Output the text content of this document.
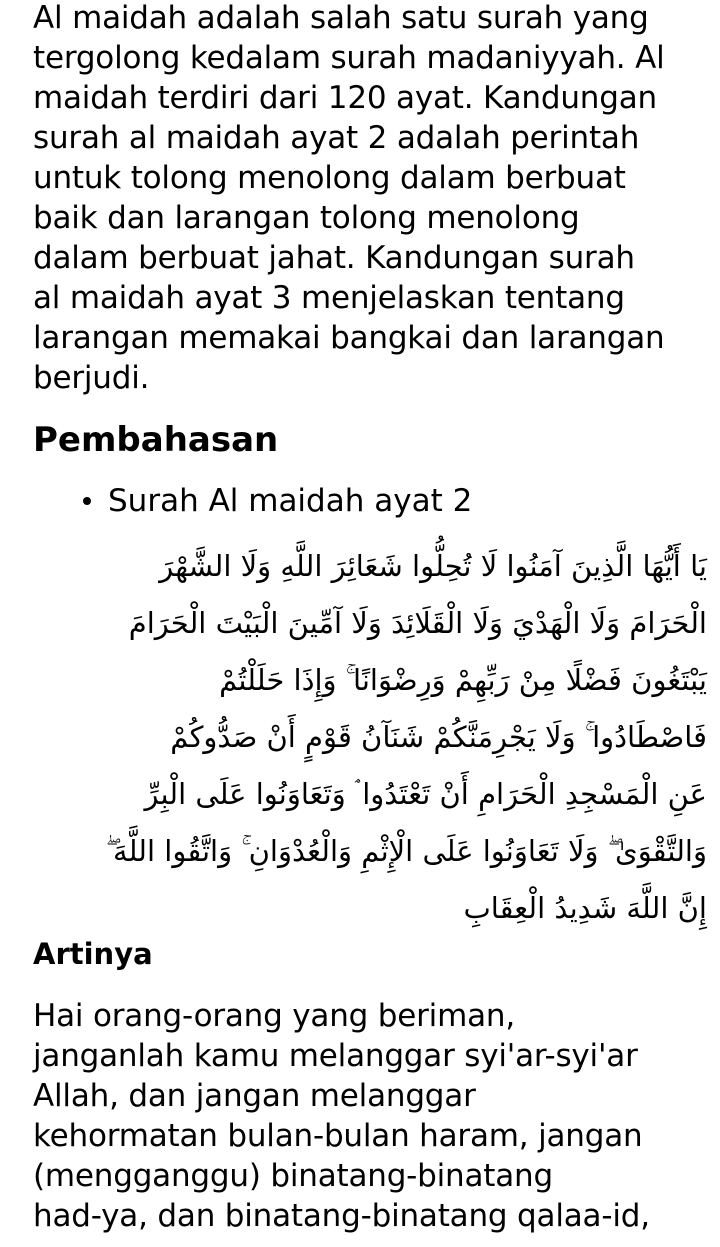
Al maidah adalah salah satu surah yang
tergolong kedalam surah madaniyyah. Al
maidah terdiri dari 120 ayat. Kandungan
surah al maidah ayat 2 adalah perintah
untuk tolong menolong dalam berbuat
baik dan larangan tolong menolong
dalam berbuat jahat. Kandungan surah
al maidah ayat 3 menjelaskan tentang
larangan memakai bangkai dan larangan
berjudi.

Pembahasan
Surah Al maidah ayat 2

يَا أَيُّهَا الَّذِينَ آمَنُوا لَا تُحِلُّوا شَعَائِرَ اللَّهِ وَلَا الشَّهْرَ
الْحَرَامَ وَلَا الْهَدْيَ وَلَا الْقَلَائِدَ وَلَا آمِّينَ الْبَيْتَ الْحَرَامَ
يَبْتَغُونَ فَضْلًا مِنْ رَبِّهِمْ وَرِضْوَانًا ۚ وَإِذَا حَلَلْتُمْ
فَاصْطَادُوا ۚ وَلَا يَجْرِمَنَّكُمْ شَنَآنُ قَوْمٍ أَنْ صَدُّوكُمْ
عَنِ الْمَسْجِدِ الْحَرَامِ أَنْ تَعْتَدُوا ۘ وَتَعَاوَنُوا عَلَى الْبِرِّ
وَالتَّقْوَىٰ ۖ وَلَا تَعَاوَنُوا عَلَى الْإِثْمِ وَالْعُدْوَانِ ۚ وَاتَّقُوا اللَّهَ ۖ
إِنَّ اللَّهَ شَدِيدُ الْعِقَابِ

Artinya

Hai orang-orang yang beriman,
janganlah kamu melanggar syi'ar-syi'ar
Allah, dan jangan melanggar
kehormatan bulan-bulan haram, jangan
(mengganggu) binatang-binatang
had-ya, dan binatang-binatang qalaa-id,
